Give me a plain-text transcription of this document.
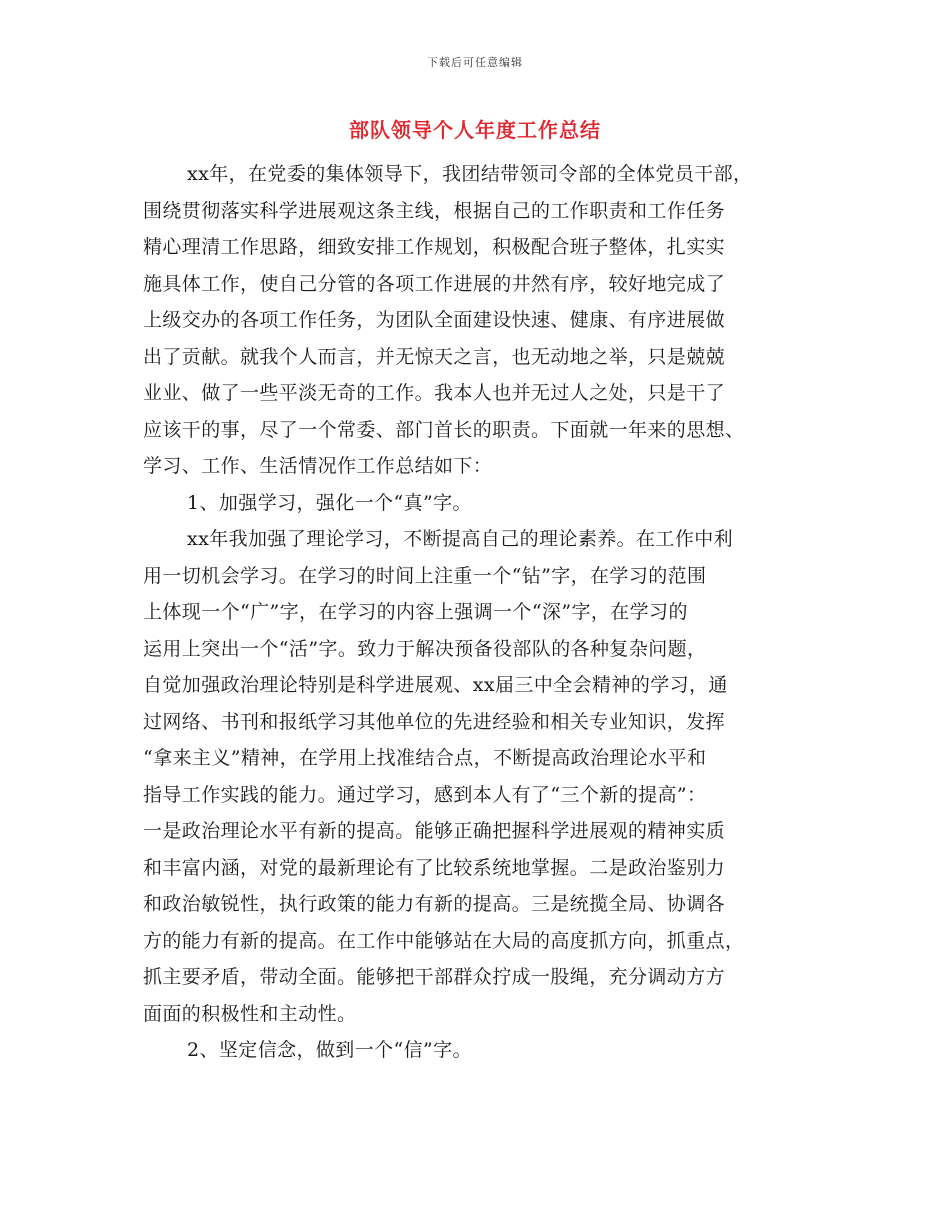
下载后可任意编辑
部队领导个人年度工作总结
xx年，在党委的集体领导下，我团结带领司令部的全体党员干部，
围绕贯彻落实科学进展观这条主线，根据自己的工作职责和工作任务
精心理清工作思路，细致安排工作规划，积极配合班子整体，扎实实
施具体工作，使自己分管的各项工作进展的井然有序，较好地完成了
上级交办的各项工作任务，为团队全面建设快速、健康、有序进展做
出了贡献。就我个人而言，并无惊天之言，也无动地之举，只是兢兢
业业、做了一些平淡无奇的工作。我本人也并无过人之处，只是干了
应该干的事，尽了一个常委、部门首长的职责。下面就一年来的思想、
学习、工作、生活情况作工作总结如下：
1、加强学习，强化一个“真”字。
xx年我加强了理论学习，不断提高自己的理论素养。在工作中利
用一切机会学习。在学习的时间上注重一个“钻”字，在学习的范围
上体现一个“广”字，在学习的内容上强调一个“深”字，在学习的
运用上突出一个“活”字。致力于解决预备役部队的各种复杂问题，
自觉加强政治理论特别是科学进展观、xx届三中全会精神的学习，通
过网络、书刊和报纸学习其他单位的先进经验和相关专业知识，发挥
“拿来主义”精神，在学用上找准结合点，不断提高政治理论水平和
指导工作实践的能力。通过学习，感到本人有了“三个新的提高”：
一是政治理论水平有新的提高。能够正确把握科学进展观的精神实质
和丰富内涵，对党的最新理论有了比较系统地掌握。二是政治鉴别力
和政治敏锐性，执行政策的能力有新的提高。三是统揽全局、协调各
方的能力有新的提高。在工作中能够站在大局的高度抓方向，抓重点，
抓主要矛盾，带动全面。能够把干部群众拧成一股绳，充分调动方方
面面的积极性和主动性。
2、坚定信念，做到一个“信”字。
